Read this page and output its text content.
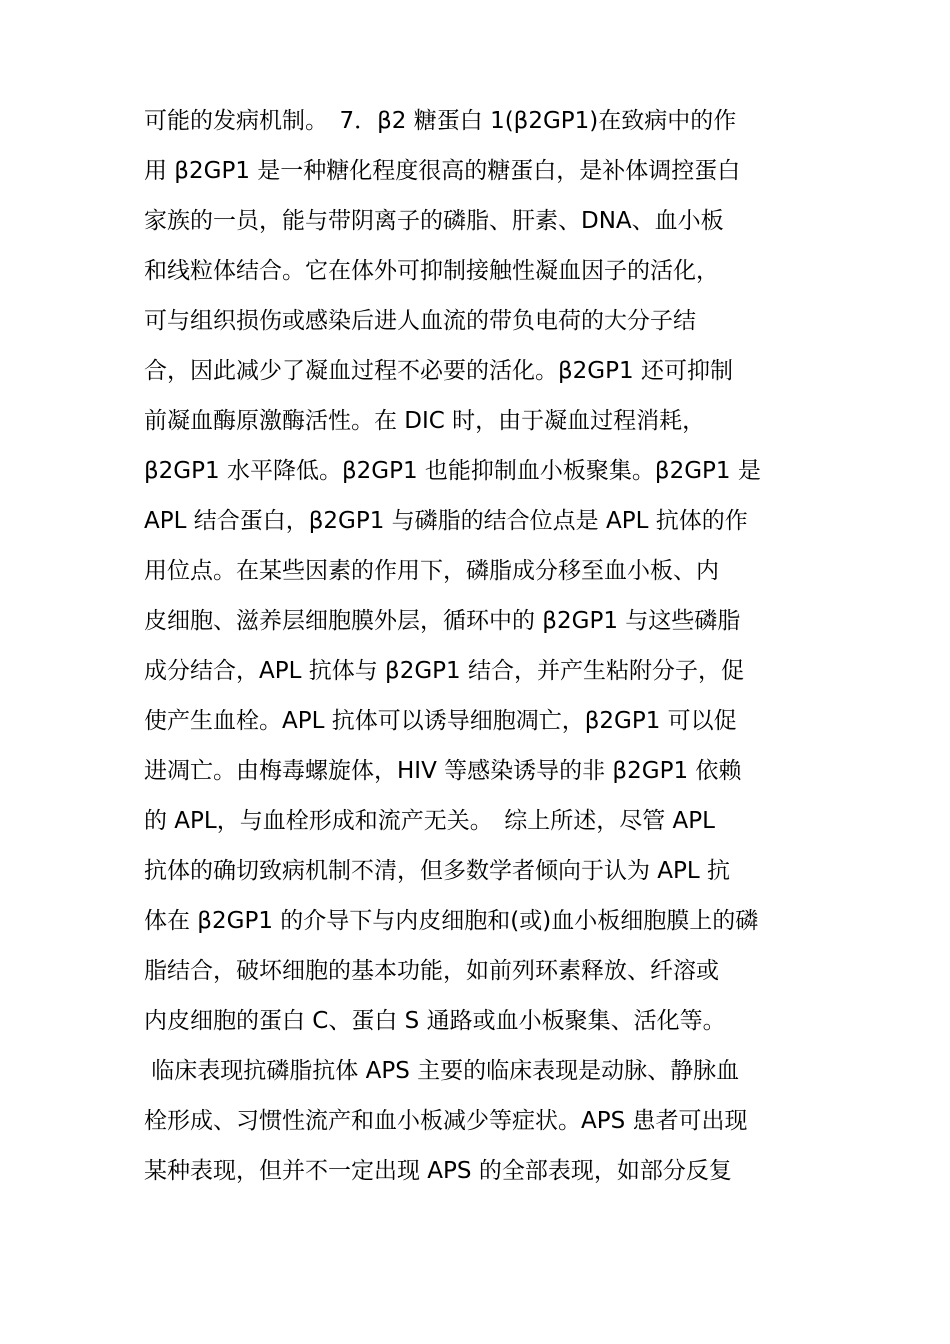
可能的发病机制。　7．β2 糖蛋白 1(β2GP1)在致病中的作
用 β2GP1 是一种糖化程度很高的糖蛋白，是补体调控蛋白
家族的一员，能与带阴离子的磷脂、肝素、DNA、血小板
和线粒体结合。它在体外可抑制接触性凝血因子的活化，
可与组织损伤或感染后进人血流的带负电荷的大分子结
合，因此减少了凝血过程不必要的活化。β2GP1 还可抑制
前凝血酶原激酶活性。在 DIC 时，由于凝血过程消耗，
β2GP1 水平降低。β2GP1 也能抑制血小板聚集。β2GP1 是
APL 结合蛋白，β2GP1 与磷脂的结合位点是 APL 抗体的作
用位点。在某些因素的作用下，磷脂成分移至血小板、内
皮细胞、滋养层细胞膜外层，循环中的 β2GP1 与这些磷脂
成分结合，APL 抗体与 β2GP1 结合，并产生粘附分子，促
使产生血栓。APL 抗体可以诱导细胞凋亡，β2GP1 可以促
进凋亡。由梅毒螺旋体，HIV 等感染诱导的非 β2GP1 依赖
的 APL，与血栓形成和流产无关。　综上所述，尽管 APL
抗体的确切致病机制不清，但多数学者倾向于认为 APL 抗
体在 β2GP1 的介导下与内皮细胞和(或)血小板细胞膜上的磷
脂结合，破坏细胞的基本功能，如前列环素释放、纤溶或
内皮细胞的蛋白 C、蛋白 S 通路或血小板聚集、活化等。
临床表现抗磷脂抗体 APS 主要的临床表现是动脉、静脉血
栓形成、习惯性流产和血小板减少等症状。APS 患者可出现
某种表现，但并不一定出现 APS 的全部表现，如部分反复
